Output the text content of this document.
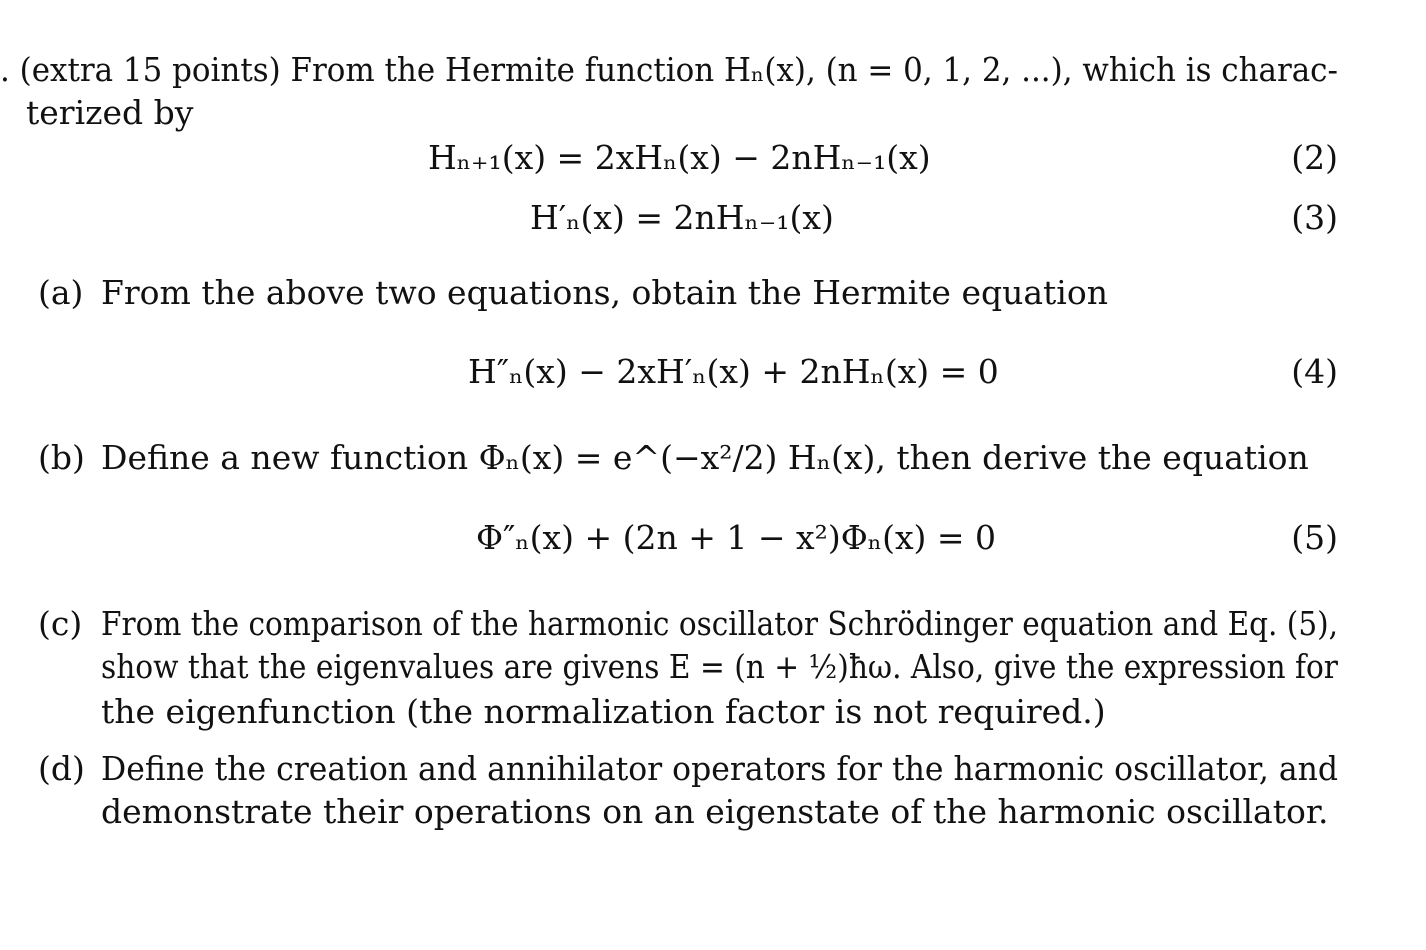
. (extra 15 points) From the Hermite function Hₙ(x), (n = 0, 1, 2, ...), which is charac-
terized by
Hₙ₊₁(x) = 2xHₙ(x) − 2nHₙ₋₁(x)	(2)
H′ₙ(x) = 2nHₙ₋₁(x)	(3)
(a) From the above two equations, obtain the Hermite equation
H″ₙ(x) − 2xH′ₙ(x) + 2nHₙ(x) = 0	(4)
(b) Define a new function Φₙ(x) = e^(−x²/2) Hₙ(x), then derive the equation
Φ″ₙ(x) + (2n + 1 − x²)Φₙ(x) = 0	(5)
(c) From the comparison of the harmonic oscillator Schrödinger equation and Eq. (5),
show that the eigenvalues are givens E = (n + ½)ħω. Also, give the expression for
the eigenfunction (the normalization factor is not required.)
(d) Define the creation and annihilator operators for the harmonic oscillator, and
demonstrate their operations on an eigenstate of the harmonic oscillator.
